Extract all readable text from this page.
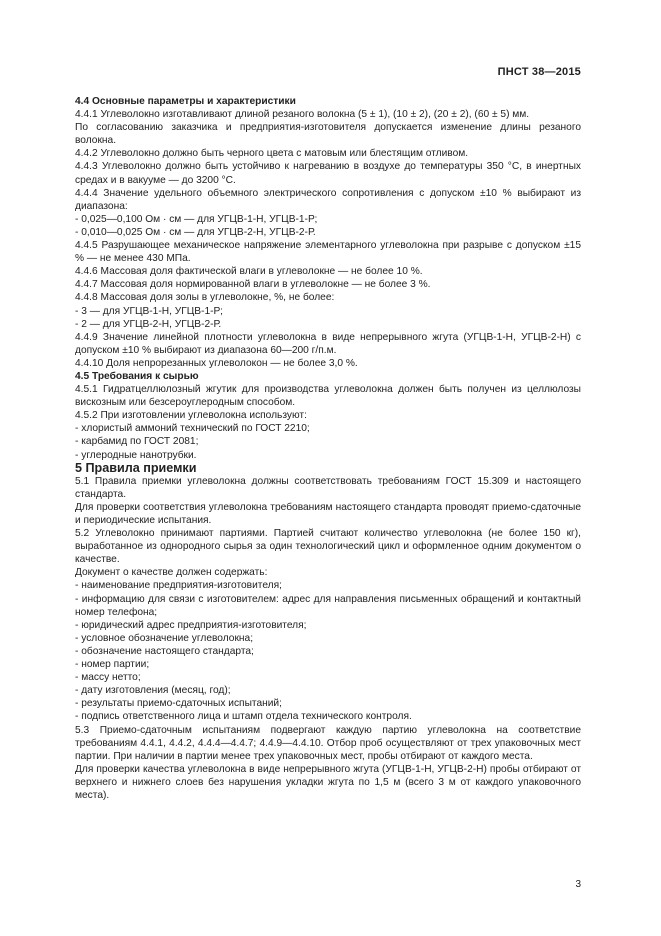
ПНСТ 38—2015

4.4 Основные параметры и характеристики

4.4.1 Углеволокно изготавливают длиной резаного волокна (5 ± 1), (10 ± 2), (20 ± 2), (60 ± 5) мм.

По согласованию заказчика и предприятия-изготовителя допускается изменение длины резаного волокна.

4.4.2 Углеволокно должно быть черного цвета с матовым или блестящим отливом.

4.4.3 Углеволокно должно быть устойчиво к нагреванию в воздухе до температуры 350 °С, в инертных средах и в вакууме — до 3200 °С.

4.4.4 Значение удельного объемного электрического сопротивления с допуском ±10 % выбирают из диапазона:

- 0,025—0,100 Ом · см — для УГЦВ-1-Н, УГЦВ-1-Р;

- 0,010—0,025 Ом · см — для УГЦВ-2-Н, УГЦВ-2-Р.

4.4.5 Разрушающее механическое напряжение элементарного углеволокна при разрыве с допуском ±15 % — не менее 430 МПа.

4.4.6 Массовая доля фактической влаги в углеволокне — не более 10 %.

4.4.7 Массовая доля нормированной влаги в углеволокне — не более 3 %.

4.4.8 Массовая доля золы в углеволокне, %, не более:

- 3 — для УГЦВ-1-Н, УГЦВ-1-Р;

- 2 — для УГЦВ-2-Н, УГЦВ-2-Р.

4.4.9 Значение линейной плотности углеволокна в виде непрерывного жгута (УГЦВ-1-Н, УГЦВ-2-Н) с допуском ±10 % выбирают из диапазона 60—200 г/п.м.

4.4.10 Доля непрорезанных углеволокон — не более 3,0 %.

4.5 Требования к сырью

4.5.1 Гидратцеллюлозный жгутик для производства углеволокна должен быть получен из целлюлозы вискозным или безсероуглеродным способом.

4.5.2 При изготовлении углеволокна используют:

- хлористый аммоний технический по ГОСТ 2210;

- карбамид по ГОСТ 2081;

- углеродные нанотрубки.

5 Правила приемки

5.1 Правила приемки углеволокна должны соответствовать требованиям ГОСТ 15.309 и настоящего стандарта.

Для проверки соответствия углеволокна требованиям настоящего стандарта проводят приемо-сдаточные и периодические испытания.

5.2 Углеволокно принимают партиями. Партией считают количество углеволокна (не более 150 кг), выработанное из однородного сырья за один технологический цикл и оформленное одним документом о качестве.

Документ о качестве должен содержать:

- наименование предприятия-изготовителя;

- информацию для связи с изготовителем: адрес для направления письменных обращений и контактный номер телефона;

- юридический адрес предприятия-изготовителя;

- условное обозначение углеволокна;

- обозначение настоящего стандарта;

- номер партии;

- массу нетто;

- дату изготовления (месяц, год);

- результаты приемо-сдаточных испытаний;

- подпись ответственного лица и штамп отдела технического контроля.

5.3 Приемо-сдаточным испытаниям подвергают каждую партию углеволокна на соответствие требованиям 4.4.1, 4.4.2, 4.4.4—4.4.7; 4.4.9—4.4.10. Отбор проб осуществляют от трех упаковочных мест партии. При наличии в партии менее трех упаковочных мест, пробы отбирают от каждого места.

Для проверки качества углеволокна в виде непрерывного жгута (УГЦВ-1-Н, УГЦВ-2-Н) пробы отбирают от верхнего и нижнего слоев без нарушения укладки жгута по 1,5 м (всего 3 м от каждого упаковочного места).

3
